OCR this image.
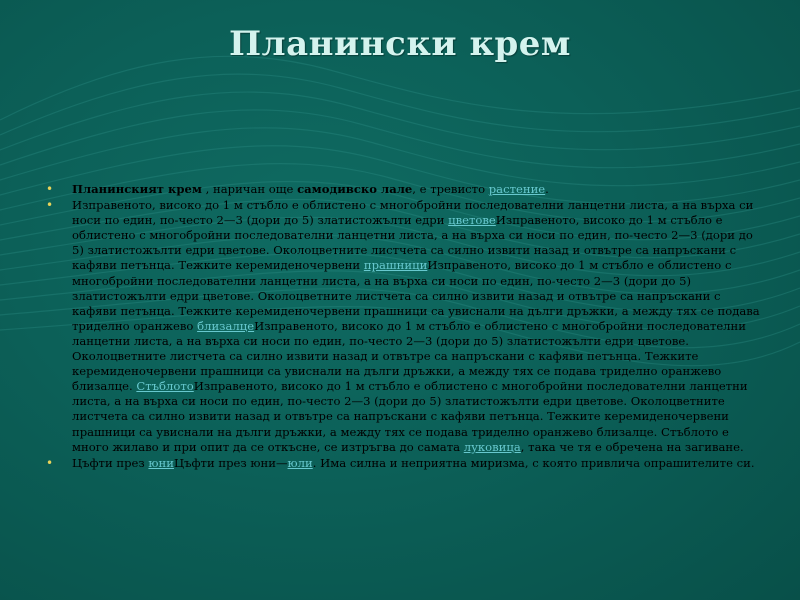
Планински крем
• Планинският крем , наричан още самодивско лале, е тревисто растение.
• Изправеното, високо до 1 м стъбло е облистено с многобройни последователни ланцетни листа, а на върха си носи по един, по-често 2—3 (дори до 5) златистожълти едри цветовеИзправеното, високо до 1 м стъбло е облистено с многобройни последователни ланцетни листа, а на върха си носи по един, по-често 2—3 (дори до 5) златистожълти едри цветове. Околоцветните листчета са силно извити назад и отвътре са напръскани с кафяви петънца. Тежките керемиденочервени прашнициИзправеното, високо до 1 м стъбло е облистено с многобройни последователни ланцетни листа, а на върха си носи по един, по-често 2—3 (дори до 5) златистожълти едри цветове. Околоцветните листчета са силно извити назад и отвътре са напръскани с кафяви петънца. Тежките керемиденочервени прашници са увиснали на дълги дръжки, а между тях се подава триделно оранжево близалцеИзправеното, високо до 1 м стъбло е облистено с многобройни последователни ланцетни листа, а на върха си носи по един, по-често 2—3 (дори до 5) златистожълти едри цветове. Околоцветните листчета са силно извити назад и отвътре са напръскани с кафяви петънца. Тежките керемиденочервени прашници са увиснали на дълги дръжки, а между тях се подава триделно оранжево близалце. СтъблотоИзправеното, високо до 1 м стъбло е облистено с многобройни последователни ланцетни листа, а на върха си носи по един, по-често 2—3 (дори до 5) златистожълти едри цветове. Околоцветните листчета са силно извити назад и отвътре са напръскани с кафяви петънца. Тежките керемиденочервени прашници са увиснали на дълги дръжки, а между тях се подава триделно оранжево близалце. Стъблото е много жилаво и при опит да се откъсне, се изтръгва до самата луковица, така че тя е обречена на загиване.
• Цъфти през юниЦъфти през юни—юли. Има силна и неприятна миризма, с която привлича опрашителите си.
